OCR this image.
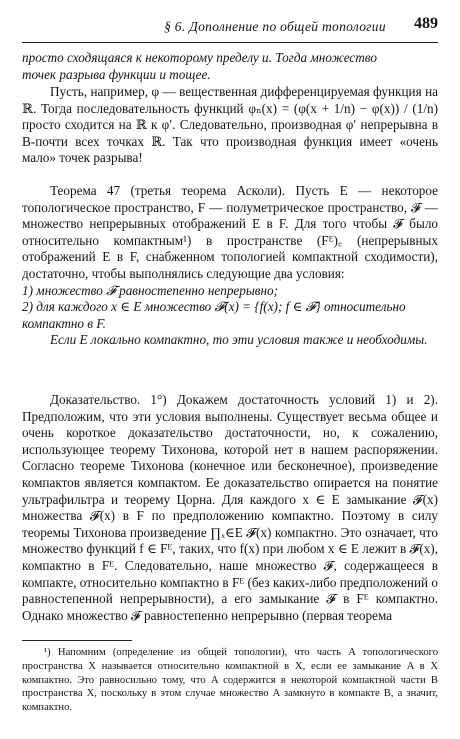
§ 6. Дополнение по общей топологии	489

просто сходящаяся к некоторому пределу и. Тогда множество

точек разрыва функции и тощее.

Пусть, например, φ — вещественная дифференцируемая функция на ℝ. Тогда последовательность функций φₙ(x) = (φ(x + 1/n) − φ(x)) / (1/n) просто сходится на ℝ к φ′. Следовательно, производная φ′ непрерывна в B-почти всех точках ℝ. Так что производная функция имеет «очень мало» точек разрыва!

Теорема 47 (третья теорема Асколи). Пусть E — некоторое топологическое пространство, F — полуметрическое пространство, 𝓕 — множество непрерывных отображений E в F. Для того чтобы 𝓕 было относительно компактным¹) в пространстве (Fᴱ)꜀ (непрерывных отображений E в F, снабженном топологией компактной сходимости), достаточно, чтобы выполнялись следующие два условия:

1) множество 𝓕 равностепенно непрерывно;

2) для каждого x ∈ E множество 𝓕(x) = {f(x); f ∈ 𝓕} относительно компактно в F.

Если E локально компактно, то эти условия также и необходимы.

Доказательство. 1°) Докажем достаточность условий 1) и 2). Предположим, что эти условия выполнены. Существует весьма общее и очень короткое доказательство достаточности, но, к сожалению, использующее теорему Тихонова, которой нет в нашем распоряжении. Согласно теореме Тихонова (конечное или бесконечное), произведение компактов является компактом. Ее доказательство опирается на понятие ультрафильтра и теорему Цорна. Для каждого x ∈ E замыкание 𝓕(x) множества 𝓕(x) в F по предположению компактно. Поэтому в силу теоремы Тихонова произведение ∏ₓ∈E 𝓕(x) компактно. Это означает, что множество функций f ∈ Fᴱ, таких, что f(x) при любом x ∈ E лежит в 𝓕(x), компактно в Fᴱ. Следовательно, наше множество 𝓕, содержащееся в компакте, относительно компактно в Fᴱ (без каких-либо предположений о равностепенной непрерывности), а его замыкание 𝓕 в Fᴱ компактно. Однако множество 𝓕 равностепенно непрерывно (первая теорема

¹) Напомним (определение из общей топологии), что часть A топологического пространства X называется относительно компактной в X, если ее замыкание A в X компактно. Это равносильно тому, что A содержится в некоторой компактной части B пространства X, поскольку в этом случае множество A замкнуто в компакте B, а значит, компактно.
